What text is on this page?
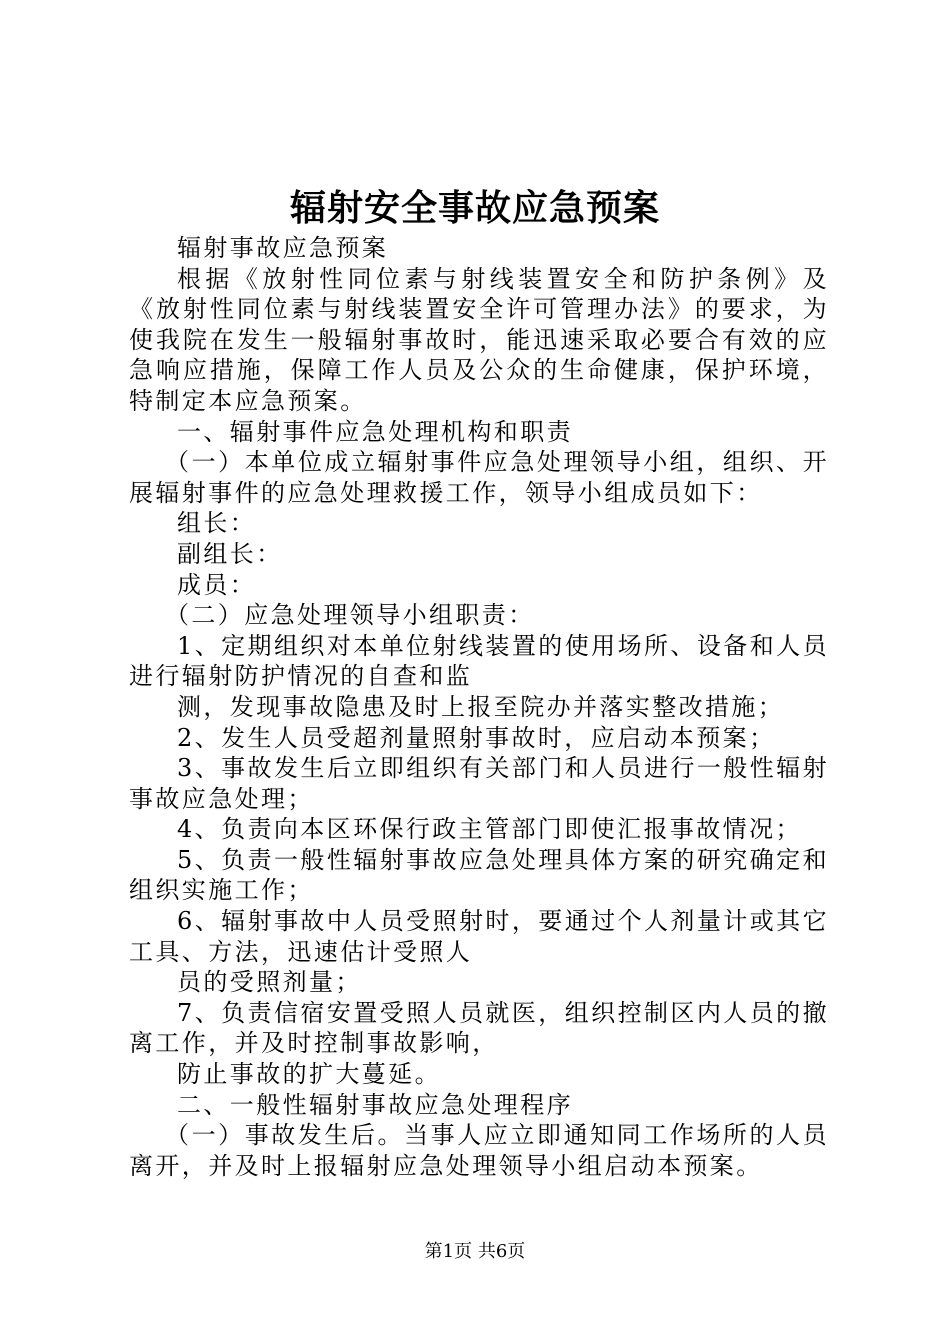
辐射安全事故应急预案

辐射事故应急预案

根据《放射性同位素与射线装置安全和防护条例》及《放射性同位素与射线装置安全许可管理办法》的要求，为使我院在发生一般辐射事故时，能迅速采取必要合有效的应急响应措施，保障工作人员及公众的生命健康，保护环境，特制定本应急预案。

一、辐射事件应急处理机构和职责

（一）本单位成立辐射事件应急处理领导小组，组织、开展辐射事件的应急处理救援工作，领导小组成员如下：

组长：

副组长：

成员：

（二）应急处理领导小组职责：

1、定期组织对本单位射线装置的使用场所、设备和人员进行辐射防护情况的自查和监

测，发现事故隐患及时上报至院办并落实整改措施；

2、发生人员受超剂量照射事故时，应启动本预案；

3、事故发生后立即组织有关部门和人员进行一般性辐射事故应急处理；

4、负责向本区环保行政主管部门即使汇报事故情况；

5、负责一般性辐射事故应急处理具体方案的研究确定和组织实施工作；

6、辐射事故中人员受照射时，要通过个人剂量计或其它工具、方法，迅速估计受照人

员的受照剂量；

7、负责信宿安置受照人员就医，组织控制区内人员的撤离工作，并及时控制事故影响，

防止事故的扩大蔓延。

二、一般性辐射事故应急处理程序

（一）事故发生后。当事人应立即通知同工作场所的人员离开，并及时上报辐射应急处理领导小组启动本预案。

第1页 共6页
